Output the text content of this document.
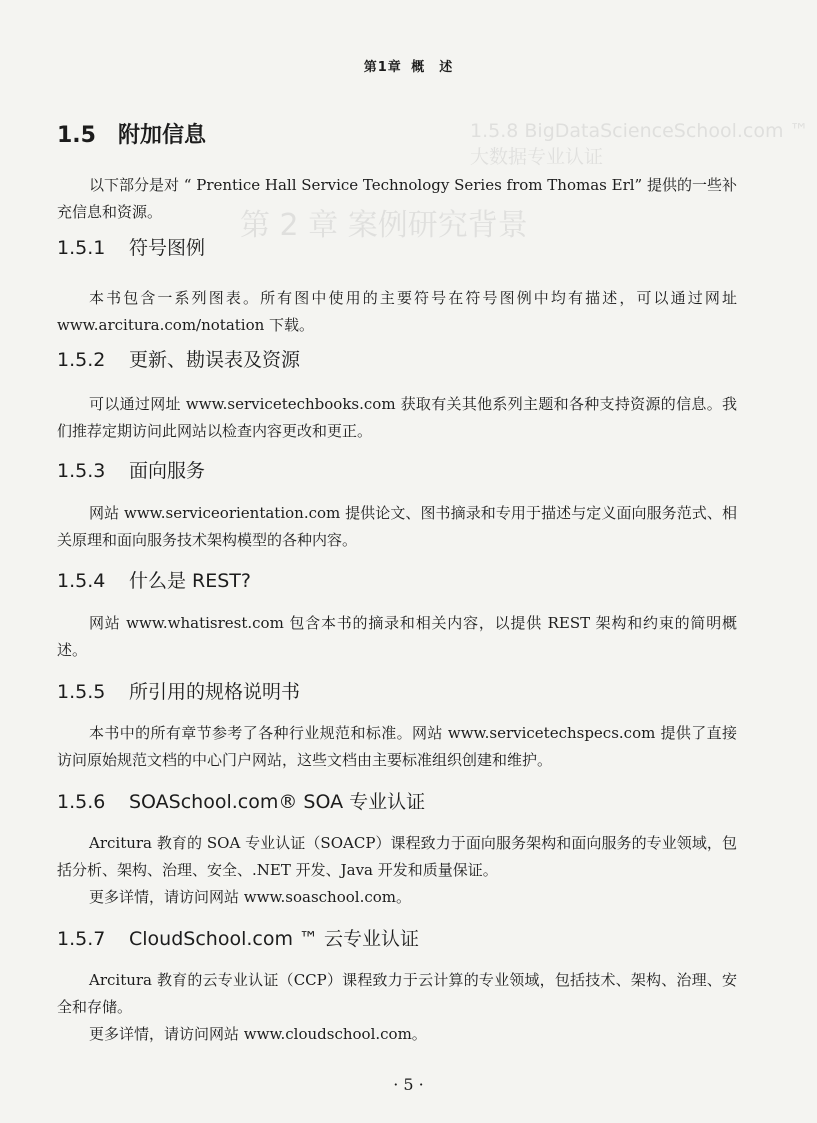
1.5.8 BigDataScienceSchool.com ™ 大数据专业认证
第 2 章 案例研究背景
第1章 概　述
1.5 附加信息
以下部分是对 “ Prentice Hall Service Technology Series from Thomas Erl” 提供的一些补充信息和资源。
1.5.1 符号图例
本书包含一系列图表。所有图中使用的主要符号在符号图例中均有描述，可以通过网址 www.arcitura.com/notation 下载。
1.5.2 更新、勘误表及资源
可以通过网址 www.servicetechbooks.com 获取有关其他系列主题和各种支持资源的信息。我们推荐定期访问此网站以检查内容更改和更正。
1.5.3 面向服务
网站 www.serviceorientation.com 提供论文、图书摘录和专用于描述与定义面向服务范式、相关原理和面向服务技术架构模型的各种内容。
1.5.4 什么是 REST?
网站 www.whatisrest.com 包含本书的摘录和相关内容，以提供 REST 架构和约束的简明概述。
1.5.5 所引用的规格说明书
本书中的所有章节参考了各种行业规范和标准。网站 www.servicetechspecs.com 提供了直接访问原始规范文档的中心门户网站，这些文档由主要标准组织创建和维护。
1.5.6 SOASchool.com® SOA 专业认证
Arcitura 教育的 SOA 专业认证（SOACP）课程致力于面向服务架构和面向服务的专业领域，包括分析、架构、治理、安全、.NET 开发、Java 开发和质量保证。
更多详情，请访问网站 www.soaschool.com。
1.5.7 CloudSchool.com ™ 云专业认证
Arcitura 教育的云专业认证（CCP）课程致力于云计算的专业领域，包括技术、架构、治理、安全和存储。
更多详情，请访问网站 www.cloudschool.com。
· 5 ·
